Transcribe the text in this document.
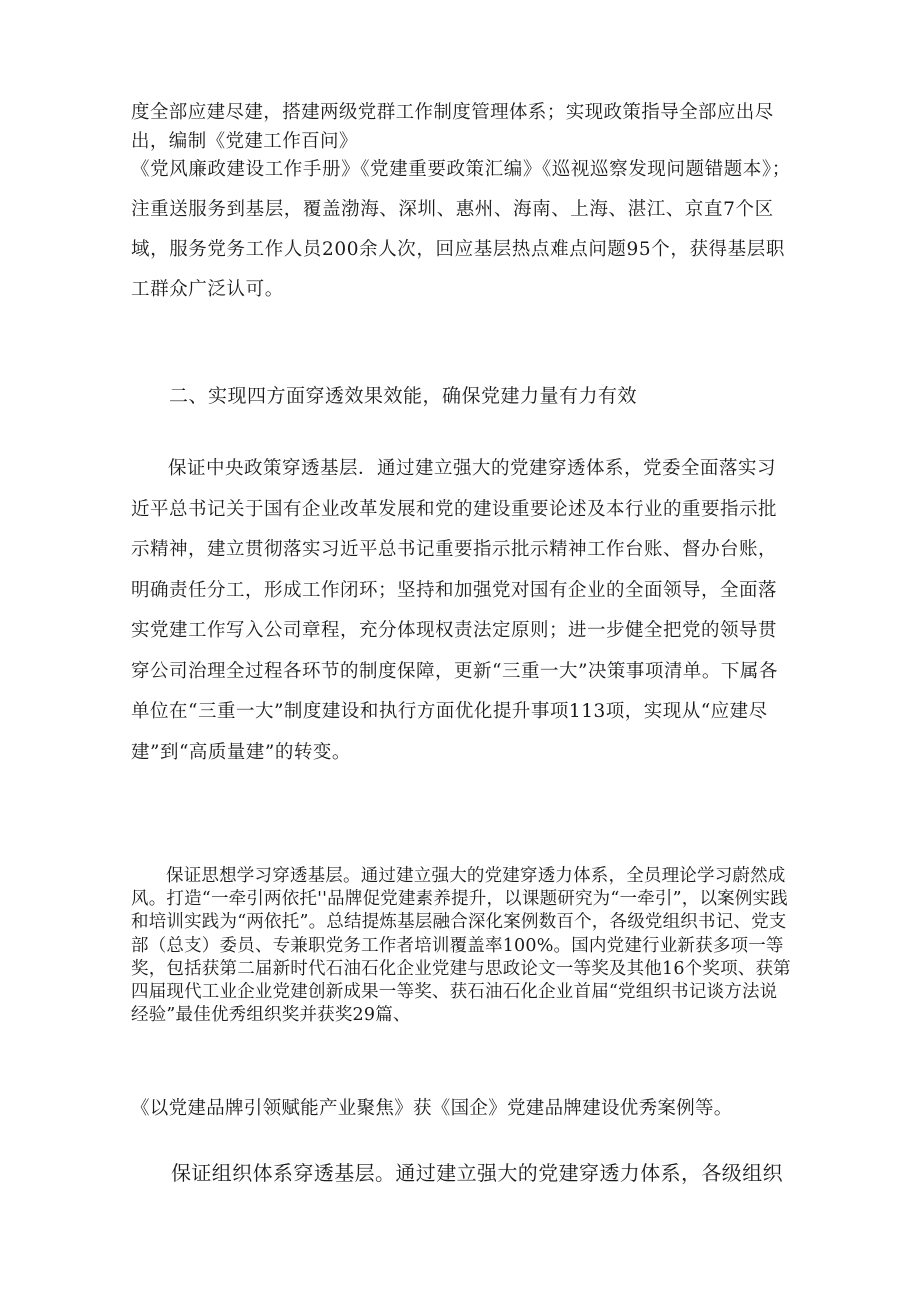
度全部应建尽建，搭建两级党群工作制度管理体系；实现政策指导全部应出尽出，编制《党建工作百问》

《党风廉政建设工作手册》《党建重要政策汇编》《巡视巡察发现问题错题本》；注重送服务到基层，覆盖渤海、深圳、惠州、海南、上海、湛江、京直7个区域，服务党务工作人员200余人次，回应基层热点难点问题95个，获得基层职工群众广泛认可。

二、实现四方面穿透效果效能，确保党建力量有力有效

保证中央政策穿透基层．通过建立强大的党建穿透体系，党委全面落实习近平总书记关于国有企业改革发展和党的建设重要论述及本行业的重要指示批示精神，建立贯彻落实习近平总书记重要指示批示精神工作台账、督办台账，明确责任分工，形成工作闭环；坚持和加强党对国有企业的全面领导，全面落实党建工作写入公司章程，充分体现权责法定原则；进一步健全把党的领导贯穿公司治理全过程各环节的制度保障，更新“三重一大”决策事项清单。下属各单位在“三重一大”制度建设和执行方面优化提升事项113项，实现从“应建尽建”到“高质量建”的转变。

保证思想学习穿透基层。通过建立强大的党建穿透力体系，全员理论学习蔚然成风。打造“一牵引两依托''品牌促党建素养提升，以课题研究为“一牵引”，以案例实践和培训实践为“两依托”。总结提炼基层融合深化案例数百个，各级党组织书记、党支部（总支）委员、专兼职党务工作者培训覆盖率100%。国内党建行业新获多项一等奖，包括获第二届新时代石油石化企业党建与思政论文一等奖及其他16个奖项、获第四届现代工业企业党建创新成果一等奖、获石油石化企业首届“党组织书记谈方法说经验”最佳优秀组织奖并获奖29篇、

《以党建品牌引领赋能产业聚焦》获《国企》党建品牌建设优秀案例等。

保证组织体系穿透基层。通过建立强大的党建穿透力体系，各级组织
